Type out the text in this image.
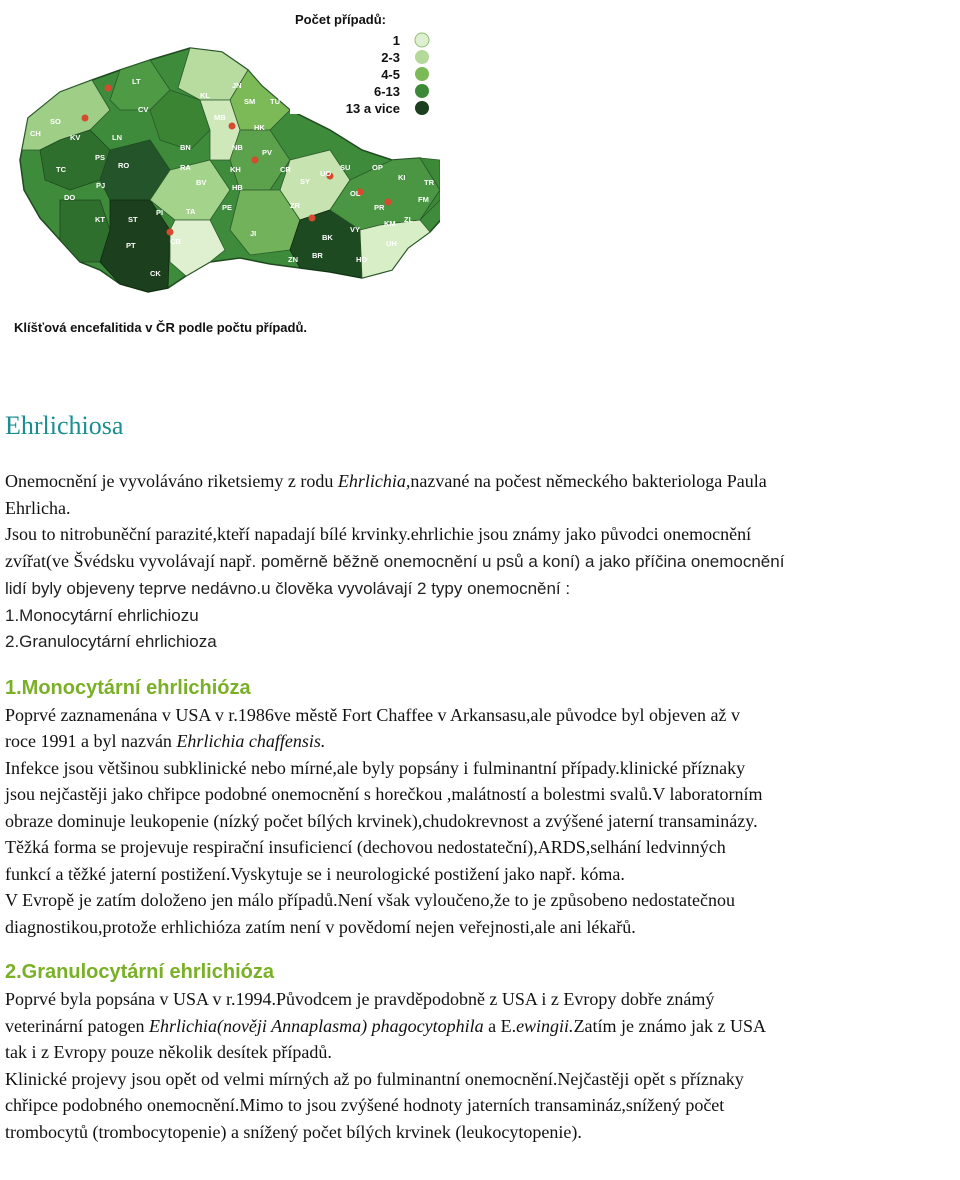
CH
SO
KV
CV
TC
PS
RO
DO
PJ
KT	ST
PI
PT	CB
CK
LT
LN
SM TU
JN
KL
NB
RA
BN
MB
HK
PV
KH
BV
TA	PE
CR
JI
HB
ZR
BK
UO
SY
SU
BR
TR
ZN
OL
VY
PR
KM ZL
HO
UH
FM
OP
KI
Počet případů:
1
2-3
4-5
6-13
13 a vice
Klíšťová encefalitida v ČR podle počtu případů.
Ehrlichiosa

Onemocnění je vyvoláváno riketsiemy z rodu Ehrlichia,nazvané na počest německého bakteriologa Paula

Ehrlicha.

Jsou to nitrobuněční parazité,kteří napadají bílé krvinky.ehrlichie jsou známy jako původci onemocnění

zvířat(ve Švédsku vyvolávají např. poměrně běžně onemocnění u psů a koní) a jako příčina onemocnění

lidí byly objeveny teprve nedávno.u člověka vyvolávají 2 typy onemocnění :

1.Monocytární ehrlichiozu

2.Granulocytární ehrlichioza

1.Monocytární ehrlichióza

Poprvé zaznamenána v USA v r.1986ve městě Fort Chaffee v Arkansasu,ale původce byl objeven až v

roce 1991 a byl nazván Ehrlichia chaffensis.

Infekce jsou většinou subklinické nebo mírné,ale byly popsány i fulminantní případy.klinické příznaky

jsou nejčastěji jako chřipce podobné onemocnění s horečkou ,malátností a bolestmi svalů.V laboratorním

obraze dominuje leukopenie (nízký počet bílých krvinek),chudokrevnost a zvýšené jaterní transaminázy.

Těžká forma se projevuje respirační insuficiencí (dechovou nedostateční),ARDS,selhání ledvinných

funkcí a těžké jaterní postižení.Vyskytuje se i neurologické postižení jako např. kóma.

V Evropě je zatím doloženo jen málo případů.Není však vyloučeno,že to je způsobeno nedostatečnou

diagnostikou,protože erhlichióza zatím není v povědomí nejen veřejnosti,ale ani lékařů.

2.Granulocytární ehrlichióza

Poprvé byla popsána v USA v r.1994.Původcem je pravděpodobně z USA i z Evropy dobře známý

veterinární patogen Ehrlichia(nověji Annaplasma) phagocytophila a E.ewingii.Zatím je známo jak z USA

tak i z Evropy pouze několik desítek případů.

Klinické projevy jsou opět od velmi mírných až po fulminantní onemocnění.Nejčastěji opět s příznaky

chřipce podobného onemocnění.Mimo to jsou zvýšené hodnoty jaterních transamináz,snížený počet

trombocytů (trombocytopenie) a snížený počet bílých krvinek (leukocytopenie).
